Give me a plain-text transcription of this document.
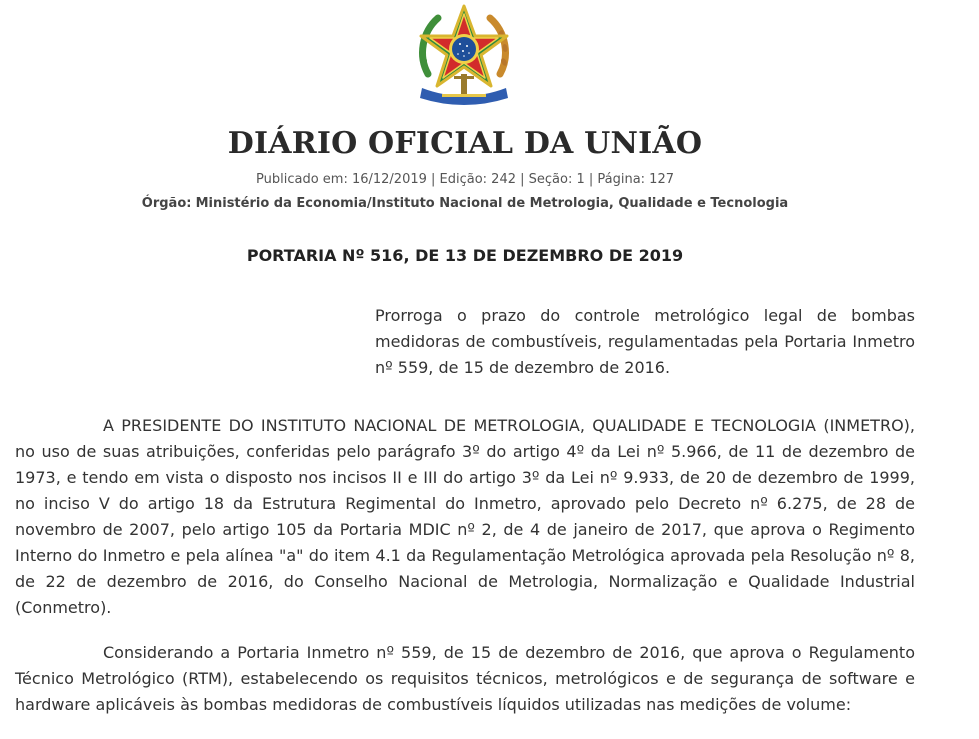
DIÁRIO OFICIAL DA UNIÃO
Publicado em: 16/12/2019 | Edição: 242 | Seção: 1 | Página: 127
Órgão: Ministério da Economia/Instituto Nacional de Metrologia, Qualidade e Tecnologia
PORTARIA Nº 516, DE 13 DE DEZEMBRO DE 2019
Prorroga o prazo do controle metrológico legal de bombas medidoras de combustíveis, regulamentadas pela Portaria Inmetro nº 559, de 15 de dezembro de 2016.

A PRESIDENTE DO INSTITUTO NACIONAL DE METROLOGIA, QUALIDADE E TECNOLOGIA (INMETRO), no uso de suas atribuições, conferidas pelo parágrafo 3º do artigo 4º da Lei nº 5.966, de 11 de dezembro de 1973, e tendo em vista o disposto nos incisos II e III do artigo 3º da Lei nº 9.933, de 20 de dezembro de 1999, no inciso V do artigo 18 da Estrutura Regimental do Inmetro, aprovado pelo Decreto nº 6.275, de 28 de novembro de 2007, pelo artigo 105 da Portaria MDIC nº 2, de 4 de janeiro de 2017, que aprova o Regimento Interno do Inmetro e pela alínea "a" do item 4.1 da Regulamentação Metrológica aprovada pela Resolução nº 8, de 22 de dezembro de 2016, do Conselho Nacional de Metrologia, Normalização e Qualidade Industrial (Conmetro).

Considerando a Portaria Inmetro nº 559, de 15 de dezembro de 2016, que aprova o Regulamento Técnico Metrológico (RTM), estabelecendo os requisitos técnicos, metrológicos e de segurança de software e hardware aplicáveis às bombas medidoras de combustíveis líquidos utilizadas nas medições de volume:
